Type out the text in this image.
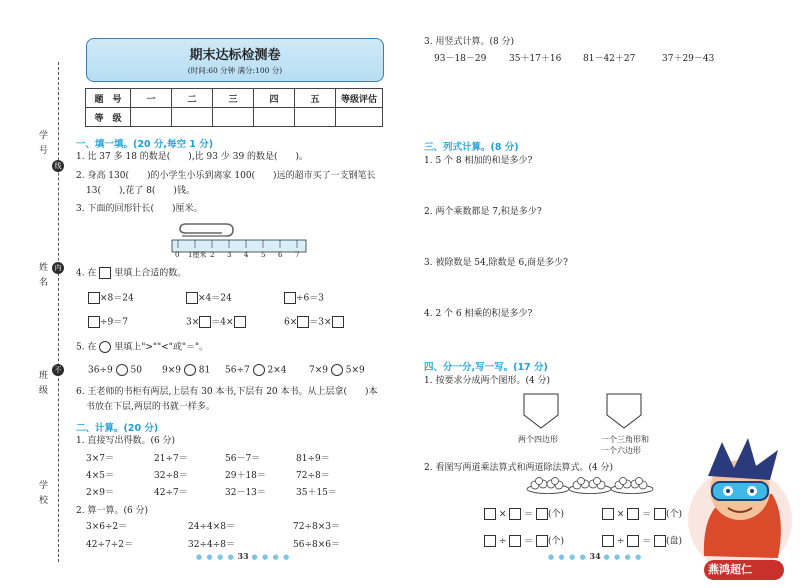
学号
姓名
班级
学校
线
内
不
期末达标检测卷
(时间:60 分钟 满分:100 分)
题　号	一	二	三	四	五	等级评估
等　级						
一、填一填。(20 分,每空 1 分)
1. 比 37 多 18 的数是(　　),比 93 少 39 的数是(　　)。
2. 身高 130(　　)的小学生小乐到离家 100(　　)远的超市买了一支钢笔长
13(　　),花了 8(　　)钱。
3. 下面的回形针长(　　)厘米。
0 1厘米 2 3 4 5 6 7
4. 在 里填上合适的数。
×8＝24	×4＝24	÷6＝3
÷9＝7	3× ＝4×	6× ＝3×
5. 在 里填上">""<"或"＝"。
36÷9 50 9×9 81 56÷7 2×4	7×9 5×9
6. 王老师的书柜有两层,上层有 30 本书,下层有 20 本书。从上层拿(　　)本
书放在下层,两层的书就一样多。
二、计算。(20 分)
1. 直接写出得数。(6 分)
3×7＝	21÷7＝	56－7＝	81÷9＝
4×5＝	32÷8＝	29＋18＝	72÷8＝
2×9＝	42÷7＝	32－13＝	35＋15＝
2. 算一算。(6 分)
3×6÷2＝	24÷4×8＝	72÷8×3＝
42÷7÷2＝	32÷4÷8＝	56÷8×6＝
● ● ● ● 33 ● ● ● ●
3. 用竖式计算。(8 分)
93－18－29	35＋17＋16 81－42＋27	37＋29－43
三、列式计算。(8 分)
1. 5 个 8 相加的和是多少?
2. 两个乘数都是 7,积是多少?
3. 被除数是 54,除数是 6,商是多少?
4. 2 个 6 相乘的积是多少?
四、分一分,写一写。(17 分)
1. 按要求分成两个图形。(4 分)
两个四边形	一个三角形和
一个六边形
2. 看图写两道乘法算式和两道除法算式。(4 分)
×  ＝ (个)	×  ＝ (个)
÷  ＝ (个)	÷  ＝ (盘)
● ● ● ● 34 ● ● ● ●
燕鸿超仁
